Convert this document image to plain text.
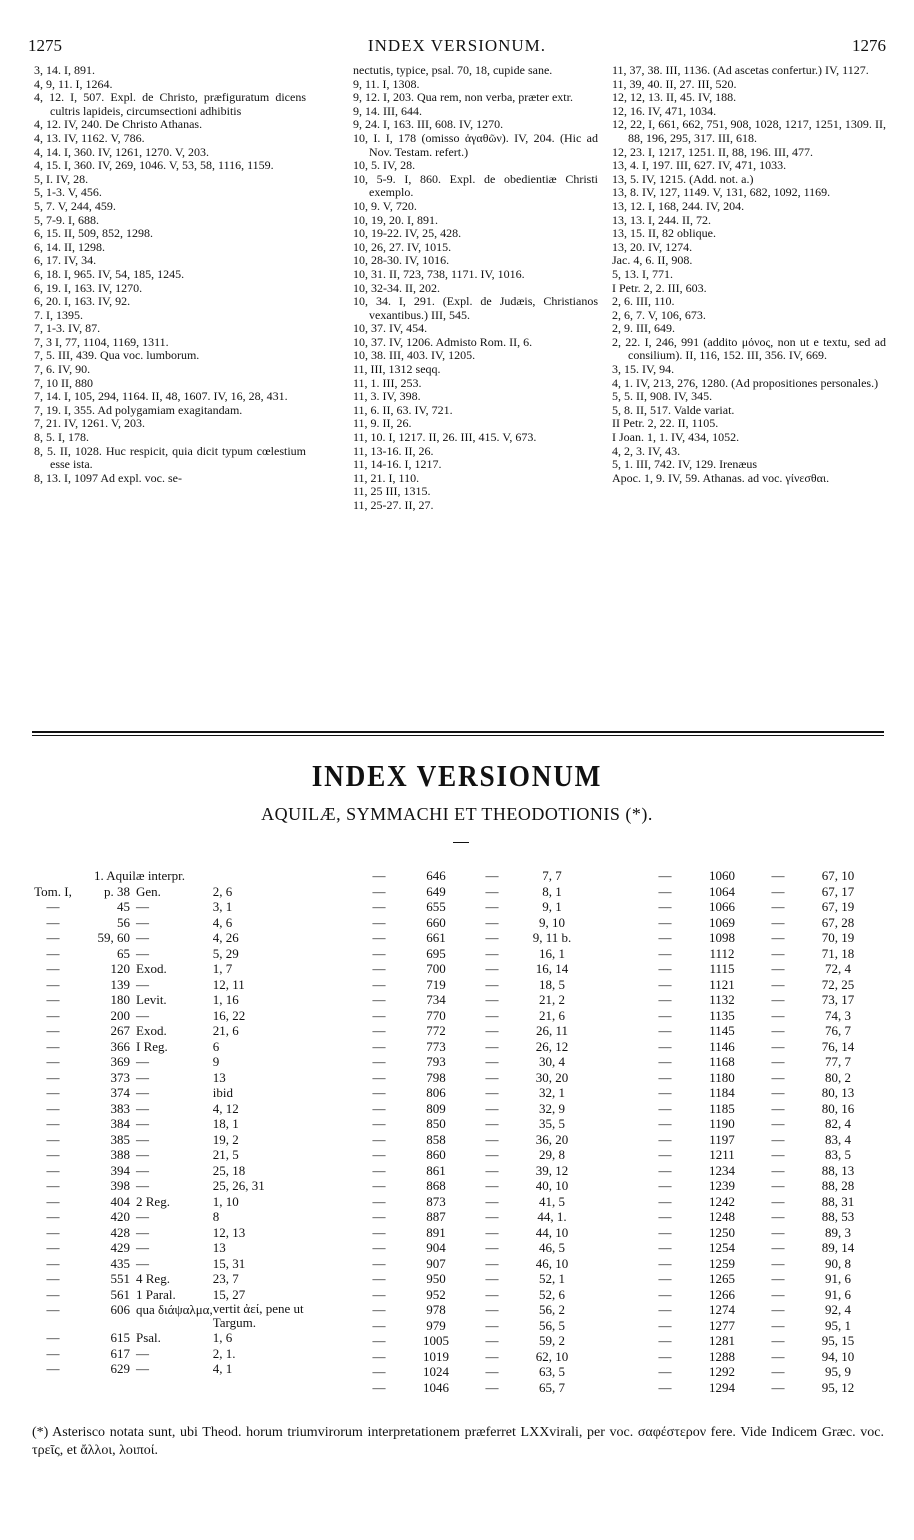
1275	INDEX VERSIONUM.	1276
3, 14. I, 891.
4, 9, 11. I, 1264.
4, 12. I, 507. Expl. de Christo, præfiguratum dicens cultris lapideis, circumsectioni adhibitis
4, 12. IV, 240. De Christo Athanas.
4, 13. IV, 1162. V, 786.
4, 14. I, 360. IV, 1261, 1270. V, 203.
4, 15. I, 360. IV, 269, 1046. V, 53, 58, 1116, 1159.
5, I. IV, 28.
5, 1-3. V, 456.
5, 7. V, 244, 459.
5, 7-9. I, 688.
6, 15. II, 509, 852, 1298.
6, 14. II, 1298.
6, 17. IV, 34.
6, 18. I, 965. IV, 54, 185, 1245.
6, 19. I, 163. IV, 1270.
6, 20. I, 163. IV, 92.
7. I, 1395.
7, 1-3. IV, 87.
7, 3 I, 77, 1104, 1169, 1311.
7, 5. III, 439. Qua voc. lumborum.
7, 6. IV, 90.
7, 10 II, 880
7, 14. I, 105, 294, 1164. II, 48, 1607. IV, 16, 28, 431.
7, 19. I, 355. Ad polygamiam exagitandam.
7, 21. IV, 1261. V, 203.
8, 5. I, 178.
8, 5. II, 1028. Huc respicit, quia dicit typum cœlestium esse ista.
8, 13. I, 1097 Ad expl. voc. se-
nectutis, typice, psal. 70, 18, cupide sane.
9, 11. I, 1308.
9, 12. I, 203. Qua rem, non verba, præter extr.
9, 14. III, 644.
9, 24. I, 163. III, 608. IV, 1270.
10, I. I, 178 (omisso ἀγαθῶν). IV, 204. (Hic ad Nov. Testam. refert.)
10, 5. IV, 28.
10, 5-9. I, 860. Expl. de obedientiæ Christi exemplo.
10, 9. V, 720.
10, 19, 20. I, 891.
10, 19-22. IV, 25, 428.
10, 26, 27. IV, 1015.
10, 28-30. IV, 1016.
10, 31. II, 723, 738, 1171. IV, 1016.
10, 32-34. II, 202.
10, 34. I, 291. (Expl. de Judæis, Christianos vexantibus.) III, 545.
10, 37. IV, 454.
10, 37. IV, 1206. Admisto Rom. II, 6.
10, 38. III, 403. IV, 1205.
11, III, 1312 seqq.
11, 1. III, 253.
11, 3. IV, 398.
11, 6. II, 63. IV, 721.
11, 9. II, 26.
11, 10. I, 1217. II, 26. III, 415. V, 673.
11, 13-16. II, 26.
11, 14-16. I, 1217.
11, 21. I, 110.
11, 25 III, 1315.
11, 25-27. II, 27.
11, 37, 38. III, 1136. (Ad ascetas confertur.) IV, 1127.
11, 39, 40. II, 27. III, 520.
12, 12, 13. II, 45. IV, 188.
12, 16. IV, 471, 1034.
12, 22, I, 661, 662, 751, 908, 1028, 1217, 1251, 1309. II, 88, 196, 295, 317. III, 618.
12, 23. I, 1217, 1251. II, 88, 196. III, 477.
13, 4. I, 197. III, 627. IV, 471, 1033.
13, 5. IV, 1215. (Add. not. a.)
13, 8. IV, 127, 1149. V, 131, 682, 1092, 1169.
13, 12. I, 168, 244. IV, 204.
13, 13. I, 244. II, 72.
13, 15. II, 82 oblique.
13, 20. IV, 1274.
Jac. 4, 6. II, 908.
5, 13. I, 771.
I Petr. 2, 2. III, 603.
2, 6. III, 110.
2, 6, 7. V, 106, 673.
2, 9. III, 649.
2, 22. I, 246, 991 (addito μόνος, non ut e textu, sed ad consilium). II, 116, 152. III, 356. IV, 669.
3, 15. IV, 94.
4, 1. IV, 213, 276, 1280. (Ad propositiones personales.)
5, 5. II, 908. IV, 345.
5, 8. II, 517. Valde variat.
II Petr. 2, 22. II, 1105.
I Joan. 1, 1. IV, 434, 1052.
4, 2, 3. IV, 43.
5, 1. III, 742. IV, 129. Irenæus
Apoc. 1, 9. IV, 59. Athanas. ad voc. γίνεσθαι.
INDEX VERSIONUM
AQUILÆ, SYMMACHI ET THEODOTIONIS (*).
1. Aquilæ interpr.			
Tom. I,	p. 38	Gen.	2, 6
—	45	—	3, 1
—	56	—	4, 6
—	59, 60	—	4, 26
—	65	—	5, 29
—	120	Exod.	1, 7
—	139	—	12, 11
—	180	Levit.	1, 16
—	200	—	16, 22
—	267	Exod.	21, 6
—	366	I Reg.	6
—	369	—	9
—	373	—	13
—	374	—	ibid
—	383	—	4, 12
—	384	—	18, 1
—	385	—	19, 2
—	388	—	21, 5
—	394	—	25, 18
—	398	—	25, 26, 31
—	404	2 Reg.	1, 10
—	420	—	8
—	428	—	12, 13
—	429	—	13
—	435	—	15, 31
—	551	4 Reg.	23, 7
—	561	1 Paral.	15, 27
—	606	qua διάψαλμα,	vertit ἀεί, pene ut Targum.
—	615	Psal.	1, 6
—	617	—	2, 1.
—	629	—	4, 1
—	646	—	7, 7
—	649	—	8, 1
—	655	—	9, 1
—	660	—	9, 10
—	661	—	9, 11 b.
—	695	—	16, 1
—	700	—	16, 14
—	719	—	18, 5
—	734	—	21, 2
—	770	—	21, 6
—	772	—	26, 11
—	773	—	26, 12
—	793	—	30, 4
—	798	—	30, 20
—	806	—	32, 1
—	809	—	32, 9
—	850	—	35, 5
—	858	—	36, 20
—	860	—	29, 8
—	861	—	39, 12
—	868	—	40, 10
—	873	—	41, 5
—	887	—	44, 1.
—	891	—	44, 10
—	904	—	46, 5
—	907	—	46, 10
—	950	—	52, 1
—	952	—	52, 6
—	978	—	56, 2
—	979	—	56, 5
—	1005	—	59, 2
—	1019	—	62, 10
—	1024	—	63, 5
—	1046	—	65, 7
—	1060	—	67, 10
—	1064	—	67, 17
—	1066	—	67, 19
—	1069	—	67, 28
—	1098	—	70, 19
—	1112	—	71, 18
—	1115	—	72, 4
—	1121	—	72, 25
—	1132	—	73, 17
—	1135	—	74, 3
—	1145	—	76, 7
—	1146	—	76, 14
—	1168	—	77, 7
—	1180	—	80, 2
—	1184	—	80, 13
—	1185	—	80, 16
—	1190	—	82, 4
—	1197	—	83, 4
—	1211	—	83, 5
—	1234	—	88, 13
—	1239	—	88, 28
—	1242	—	88, 31
—	1248	—	88, 53
—	1250	—	89, 3
—	1254	—	89, 14
—	1259	—	90, 8
—	1265	—	91, 6
—	1266	—	91, 6
—	1274	—	92, 4
—	1277	—	95, 1
—	1281	—	95, 15
—	1288	—	94, 10
—	1292	—	95, 9
—	1294	—	95, 12
(*) Asterisco notata sunt, ubi Theod. horum triumvirorum interpretationem præferret LXXvirali, per voc. σαφέστερον fere. Vide Indicem Græc. voc. τρεῖς, et ἄλλοι, λοιποί.
